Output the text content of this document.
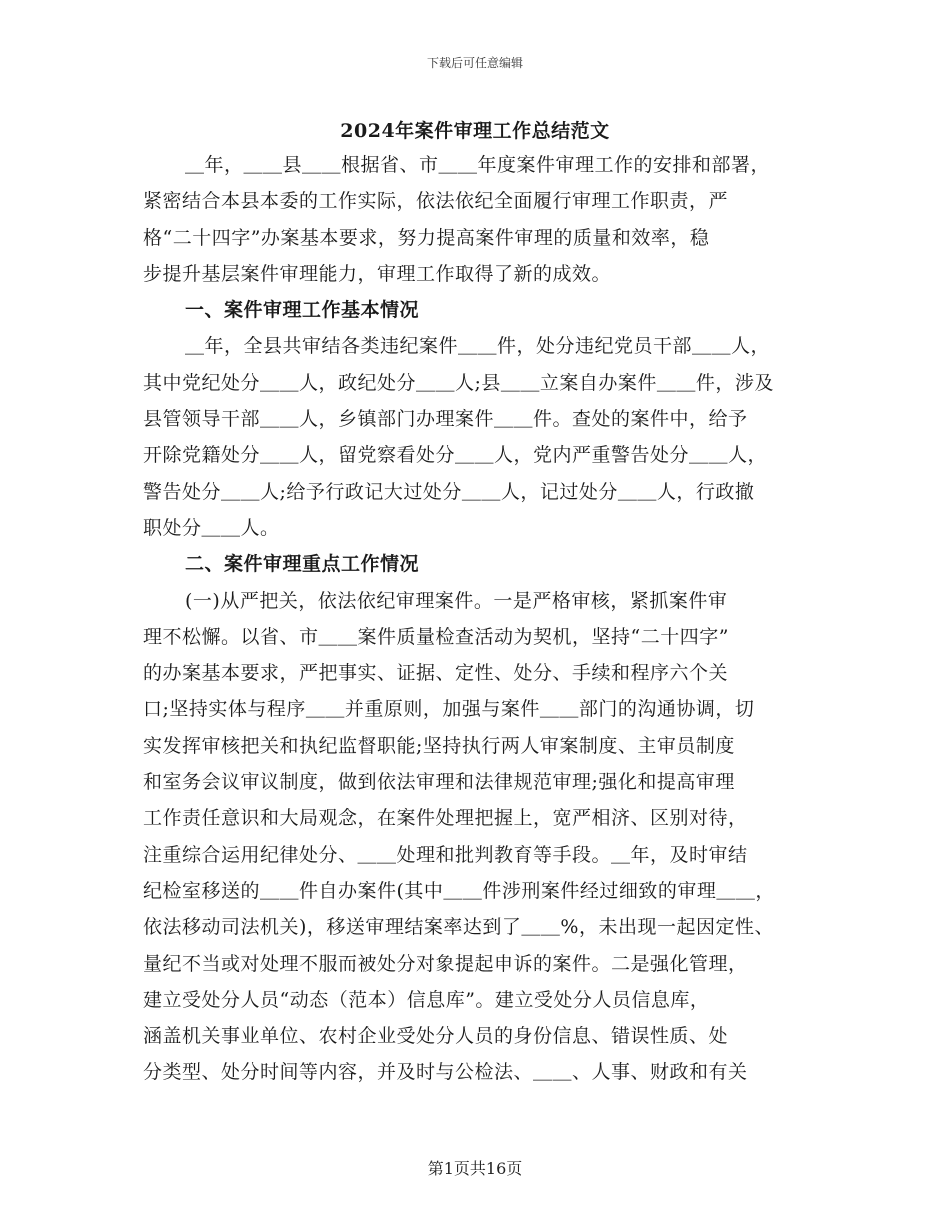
下载后可任意编辑
2024年案件审理工作总结范文
＿年，＿＿县＿＿根据省、市＿＿年度案件审理工作的安排和部署，
紧密结合本县本委的工作实际，依法依纪全面履行审理工作职责，严
格“二十四字”办案基本要求，努力提高案件审理的质量和效率，稳
步提升基层案件审理能力，审理工作取得了新的成效。
一、案件审理工作基本情况
＿年，全县共审结各类违纪案件＿＿件，处分违纪党员干部＿＿人，
其中党纪处分＿＿人，政纪处分＿＿人;县＿＿立案自办案件＿＿件，涉及
县管领导干部＿＿人，乡镇部门办理案件＿＿件。查处的案件中，给予
开除党籍处分＿＿人，留党察看处分＿＿人，党内严重警告处分＿＿人，
警告处分＿＿人;给予行政记大过处分＿＿人，记过处分＿＿人，行政撤
职处分＿＿人。
二、案件审理重点工作情况
(一)从严把关，依法依纪审理案件。一是严格审核，紧抓案件审
理不松懈。以省、市＿＿案件质量检查活动为契机，坚持“二十四字”
的办案基本要求，严把事实、证据、定性、处分、手续和程序六个关
口;坚持实体与程序＿＿并重原则，加强与案件＿＿部门的沟通协调，切
实发挥审核把关和执纪监督职能;坚持执行两人审案制度、主审员制度
和室务会议审议制度，做到依法审理和法律规范审理;强化和提高审理
工作责任意识和大局观念，在案件处理把握上，宽严相济、区别对待，
注重综合运用纪律处分、＿＿处理和批判教育等手段。＿年，及时审结
纪检室移送的＿＿件自办案件(其中＿＿件涉刑案件经过细致的审理＿＿，
依法移动司法机关)，移送审理结案率达到了＿＿%，未出现一起因定性、
量纪不当或对处理不服而被处分对象提起申诉的案件。二是强化管理，
建立受处分人员“动态（范本）信息库”。建立受处分人员信息库，
涵盖机关事业单位、农村企业受处分人员的身份信息、错误性质、处
分类型、处分时间等内容，并及时与公检法、＿＿、人事、财政和有关
第1页共16页
